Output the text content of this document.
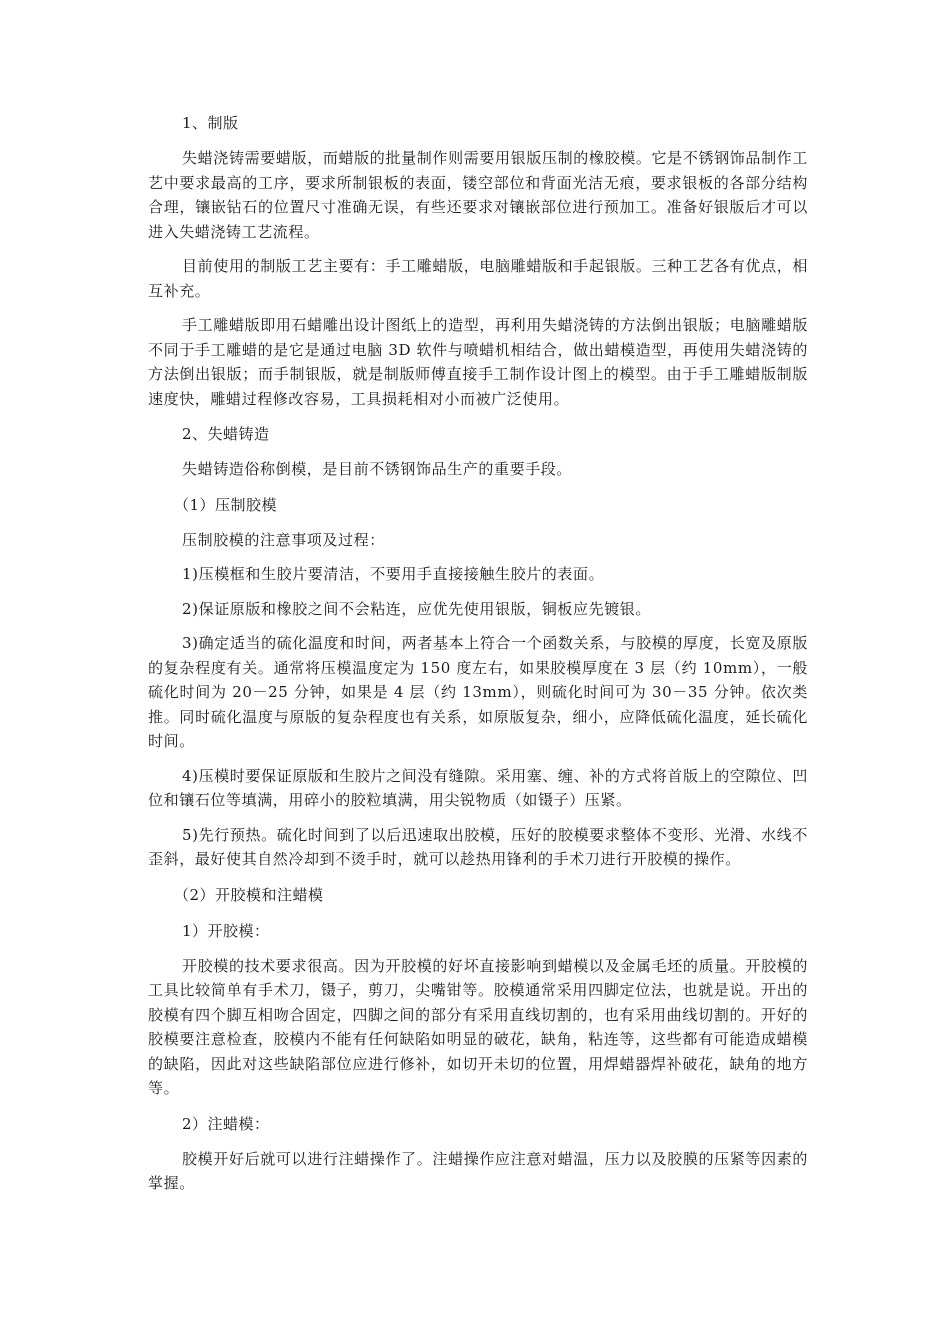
1、制版
失蜡浇铸需要蜡版，而蜡版的批量制作则需要用银版压制的橡胶模。它是不锈钢饰品制作工艺中要求最高的工序，要求所制银板的表面，镂空部位和背面光洁无痕，要求银板的各部分结构合理，镶嵌钻石的位置尺寸准确无误，有些还要求对镶嵌部位进行预加工。准备好银版后才可以进入失蜡浇铸工艺流程。
目前使用的制版工艺主要有：手工雕蜡版，电脑雕蜡版和手起银版。三种工艺各有优点，相互补充。
手工雕蜡版即用石蜡雕出设计图纸上的造型，再利用失蜡浇铸的方法倒出银版；电脑雕蜡版不同于手工雕蜡的是它是通过电脑 3D 软件与喷蜡机相结合，做出蜡模造型，再使用失蜡浇铸的方法倒出银版；而手制银版，就是制版师傅直接手工制作设计图上的模型。由于手工雕蜡版制版速度快，雕蜡过程修改容易，工具损耗相对小而被广泛使用。
2、失蜡铸造
失蜡铸造俗称倒模，是目前不锈钢饰品生产的重要手段。
（1）压制胶模
压制胶模的注意事项及过程：
1)压模框和生胶片要清洁，不要用手直接接触生胶片的表面。
2)保证原版和橡胶之间不会粘连，应优先使用银版，铜板应先镀银。
3)确定适当的硫化温度和时间，两者基本上符合一个函数关系，与胶模的厚度，长宽及原版的复杂程度有关。通常将压模温度定为 150 度左右，如果胶模厚度在 3 层（约 10mm），一般硫化时间为 20－25 分钟，如果是 4 层（约 13mm），则硫化时间可为 30－35 分钟。依次类推。同时硫化温度与原版的复杂程度也有关系，如原版复杂，细小，应降低硫化温度，延长硫化时间。
4)压模时要保证原版和生胶片之间没有缝隙。采用塞、缠、补的方式将首版上的空隙位、凹位和镶石位等填满，用碎小的胶粒填满，用尖锐物质（如镊子）压紧。
5)先行预热。硫化时间到了以后迅速取出胶模，压好的胶模要求整体不变形、光滑、水线不歪斜，最好使其自然冷却到不烫手时，就可以趁热用锋利的手术刀进行开胶模的操作。
（2）开胶模和注蜡模
1）开胶模：
开胶模的技术要求很高。因为开胶模的好坏直接影响到蜡模以及金属毛坯的质量。开胶模的工具比较简单有手术刀，镊子，剪刀，尖嘴钳等。胶模通常采用四脚定位法，也就是说。开出的胶模有四个脚互相吻合固定，四脚之间的部分有采用直线切割的，也有采用曲线切割的。开好的胶模要注意检查，胶模内不能有任何缺陷如明显的破花，缺角，粘连等，这些都有可能造成蜡模的缺陷，因此对这些缺陷部位应进行修补，如切开未切的位置，用焊蜡器焊补破花，缺角的地方等。
2）注蜡模：
胶模开好后就可以进行注蜡操作了。注蜡操作应注意对蜡温，压力以及胶膜的压紧等因素的掌握。
